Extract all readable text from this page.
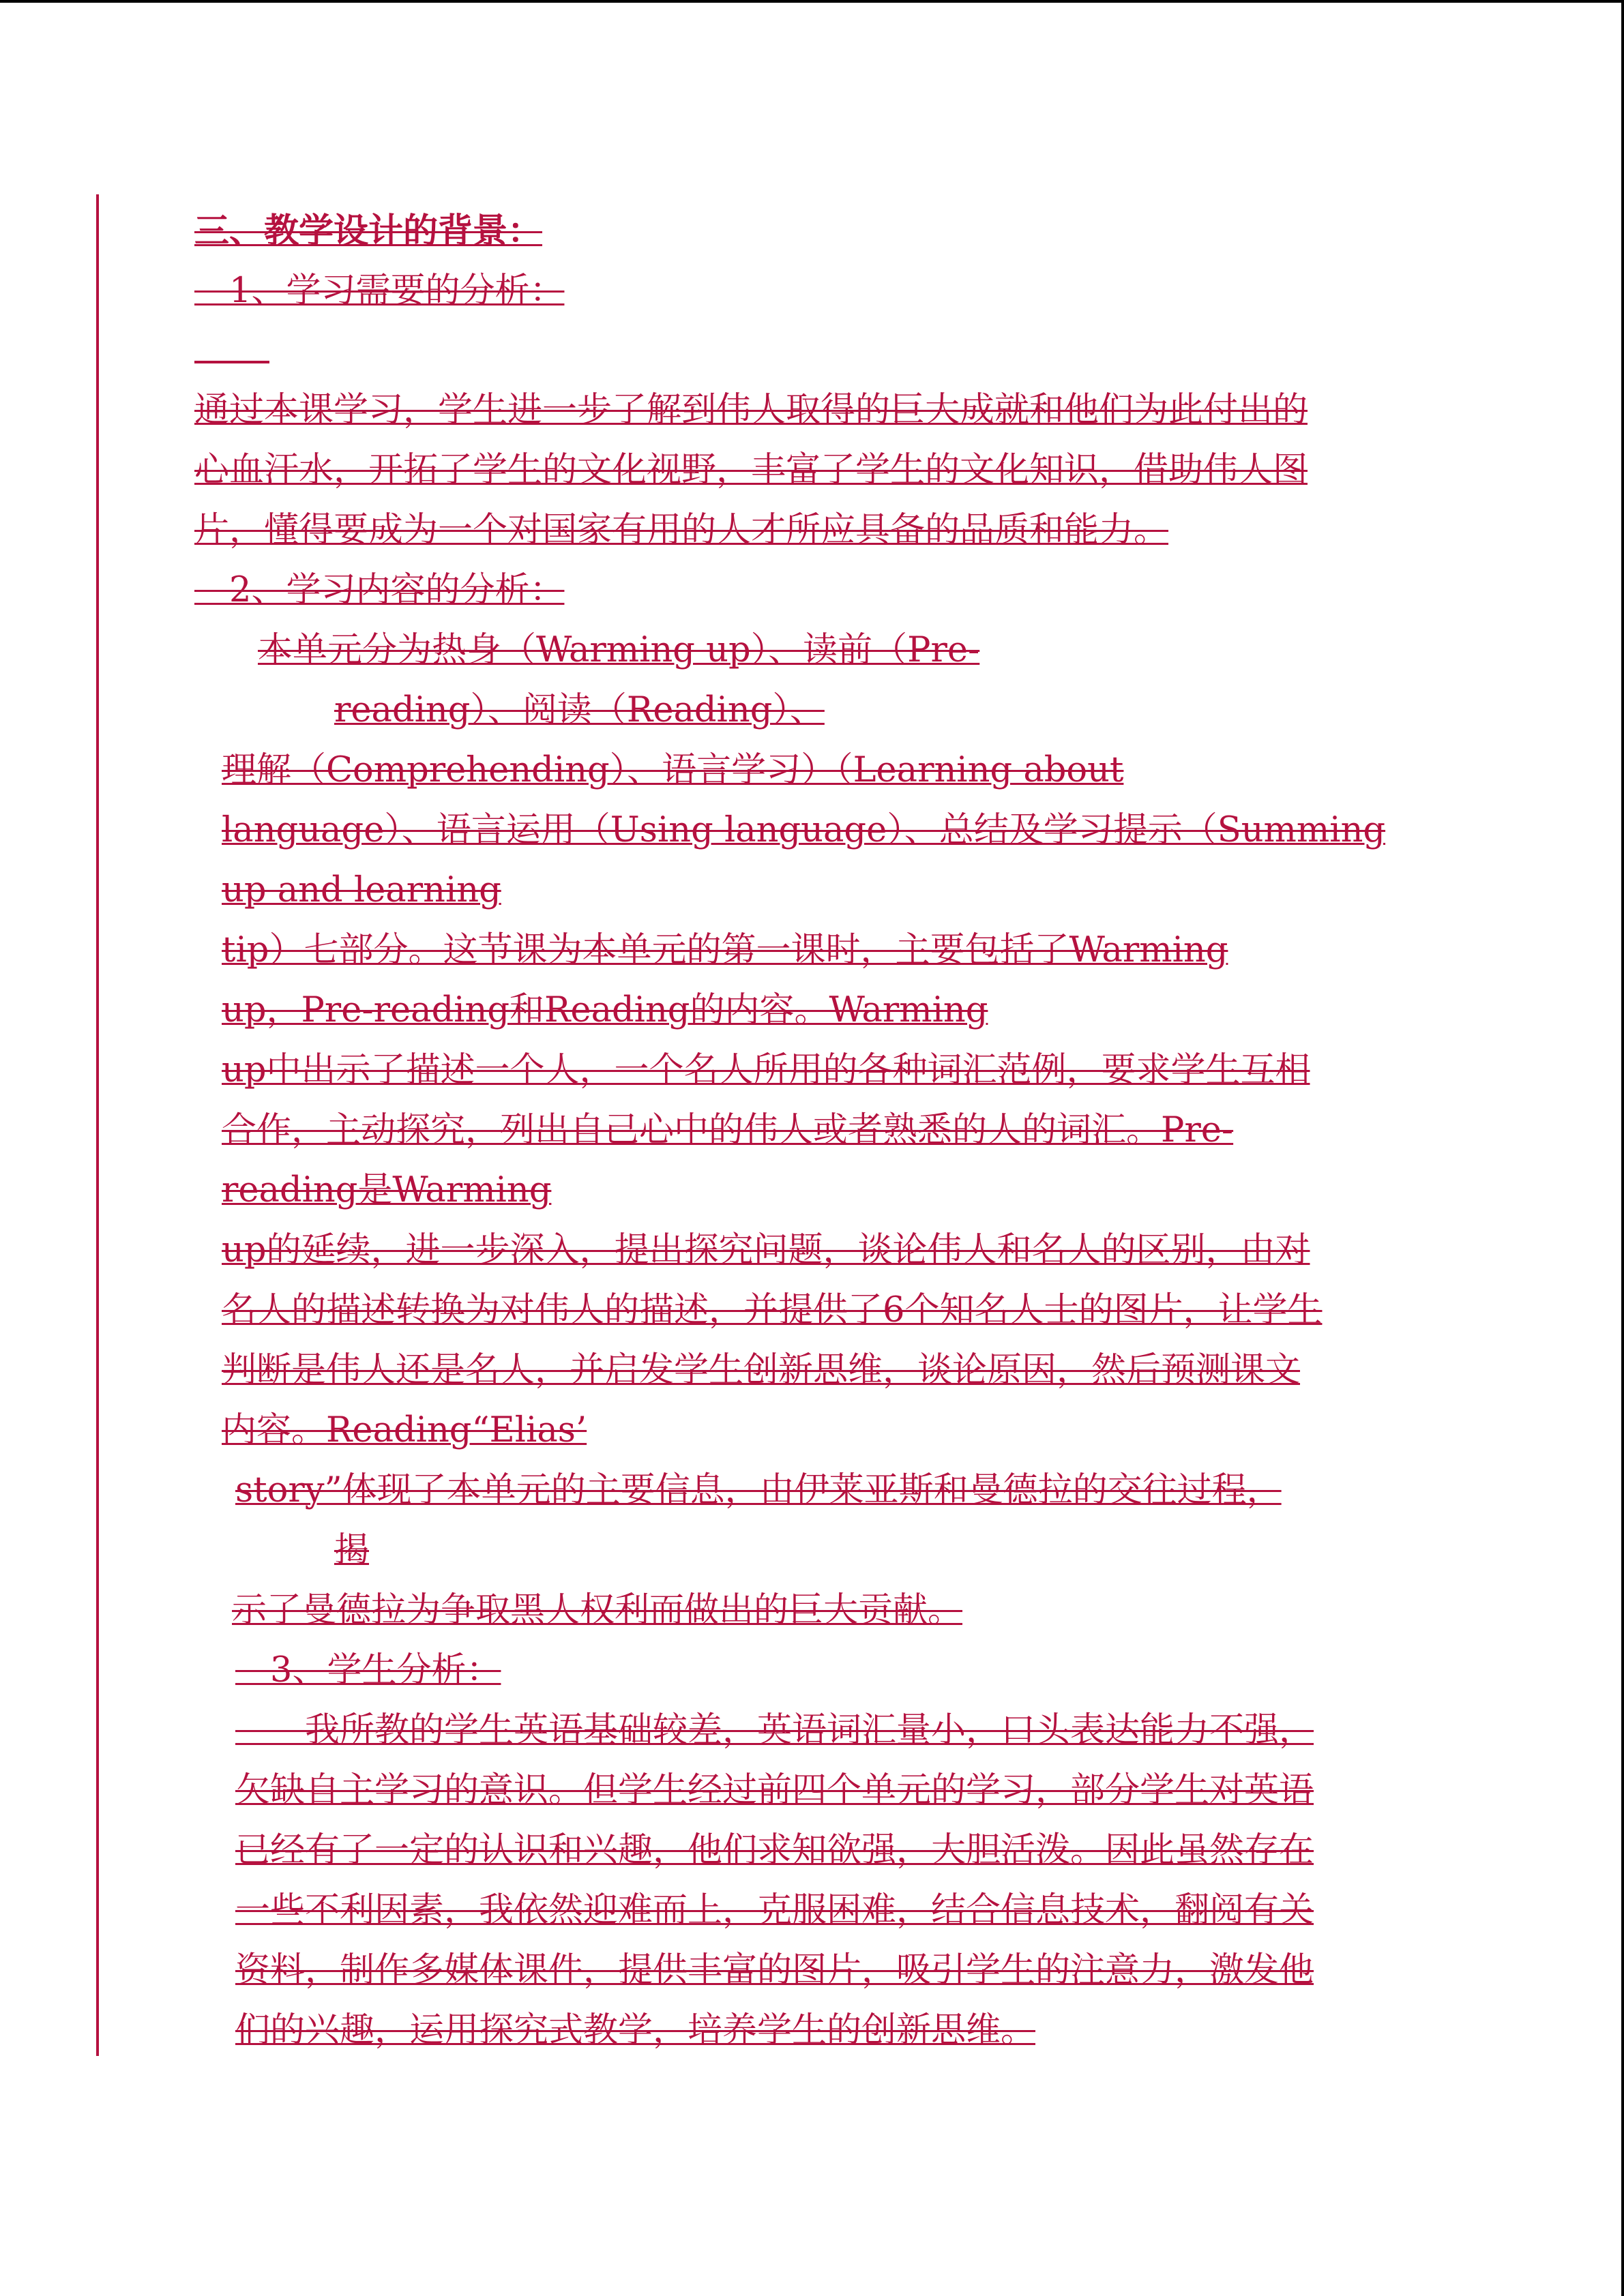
三、教学设计的背景：

　1、学习需要的分析：

通过本课学习，学生进一步了解到伟人取得的巨大成就和他们为此付出的

心血汗水，开拓了学生的文化视野，丰富了学生的文化知识，借助伟人图

片，懂得要成为一个对国家有用的人才所应具备的品质和能力。

　2、学习内容的分析：

本单元分为热身（Warming up）、读前（Pre-

reading）、阅读（Reading）、

理解（Comprehending）、语言学习）（Learning about

language）、语言运用（Using language）、总结及学习提示（Summing

up and learning

tip）七部分。这节课为本单元的第一课时，主要包括了Warming

up，Pre-reading和Reading的内容。Warming

up中出示了描述一个人，一个名人所用的各种词汇范例，要求学生互相

合作，主动探究，列出自己心中的伟人或者熟悉的人的词汇。Pre-

reading是Warming

up的延续，进一步深入，提出探究问题，谈论伟人和名人的区别，由对

名人的描述转换为对伟人的描述，并提供了6个知名人士的图片，让学生

判断是伟人还是名人，并启发学生创新思维，谈论原因，然后预测课文

内容。Reading“Elias’

story”体现了本单元的主要信息，由伊莱亚斯和曼德拉的交往过程，

揭

示了曼德拉为争取黑人权利而做出的巨大贡献。

　3、学生分析：

　　我所教的学生英语基础较差，英语词汇量小，口头表达能力不强，

欠缺自主学习的意识。但学生经过前四个单元的学习，部分学生对英语

已经有了一定的认识和兴趣，他们求知欲强，大胆活泼。因此虽然存在

一些不利因素，我依然迎难而上，克服困难，结合信息技术，翻阅有关

资料，制作多媒体课件，提供丰富的图片，吸引学生的注意力，激发他

们的兴趣，运用探究式教学，培养学生的创新思维。
